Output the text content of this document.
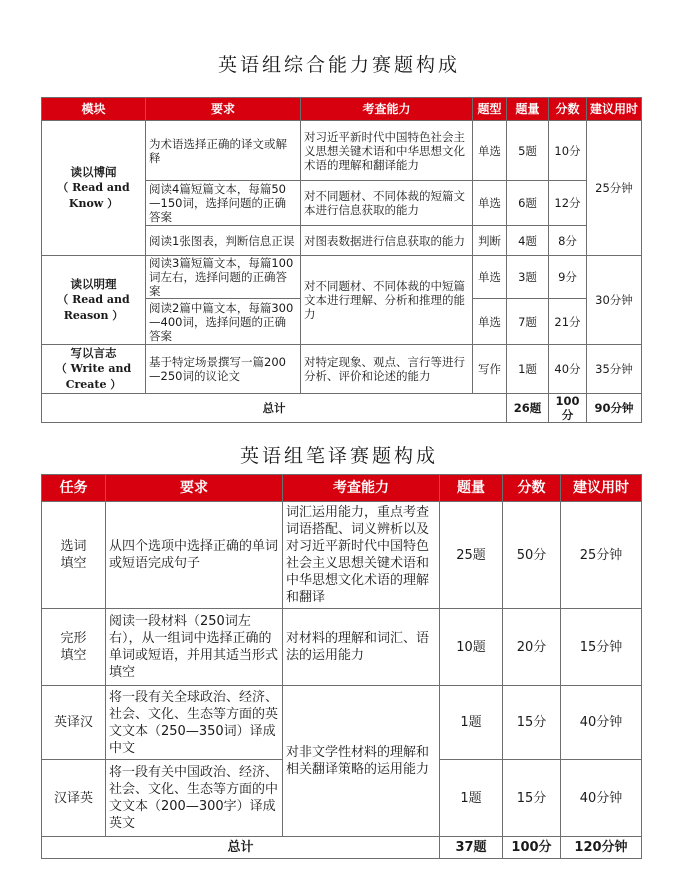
英语组综合能力赛题构成
模块	要求	考查能力	题型	题量	分数	建议用时

读以博闻
（ Read and Know ）	为术语选择正确的译文或解释	对习近平新时代中国特色社会主义思想关键术语和中华思想文化术语的理解和翻译能力	单选	5题	10分	25分钟
	阅读4篇短篇文本，每篇50—150词，选择问题的正确答案	对不同题材、不同体裁的短篇文本进行信息获取的能力	单选	6题	12分	
	阅读1张图表，判断信息正误	对图表数据进行信息获取的能力	判断	4题	8分	

读以明理
（ Read and Reason ）	阅读3篇短篇文本，每篇100词左右，选择问题的正确答案	对不同题材、不同体裁的中短篇文本进行理解、分析和推理的能力	单选	3题	9分	30分钟
	阅读2篇中篇文本，每篇300—400词，选择问题的正确答案		单选	7题	21分	

写以言志
（ Write and Create ）	基于特定场景撰写一篇200—250词的议论文	对特定现象、观点、言行等进行分析、评价和论述的能力	写作	1题	40分	35分钟
总计				26题	100分	90分钟
英语组笔译赛题构成
任务	要求	考查能力	题量	分数	建议用时
选词
填空	从四个选项中选择正确的单词或短语完成句子	词汇运用能力，重点考查词语搭配、词义辨析以及对习近平新时代中国特色社会主义思想关键术语和中华思想文化术语的理解和翻译	25题	50分	25分钟
完形
填空	阅读一段材料（250词左右），从一组词中选择正确的单词或短语，并用其适当形式填空	对材料的理解和词汇、语法的运用能力	10题	20分	15分钟
英译汉	将一段有关全球政治、经济、社会、文化、生态等方面的英文文本（250—350词）译成中文	对非文学性材料的理解和相关翻译策略的运用能力	1题	15分	40分钟
汉译英	将一段有关中国政治、经济、社会、文化、生态等方面的中文文本（200—300字）译成英文		1题	15分	40分钟
总计			37题	100分	120分钟
